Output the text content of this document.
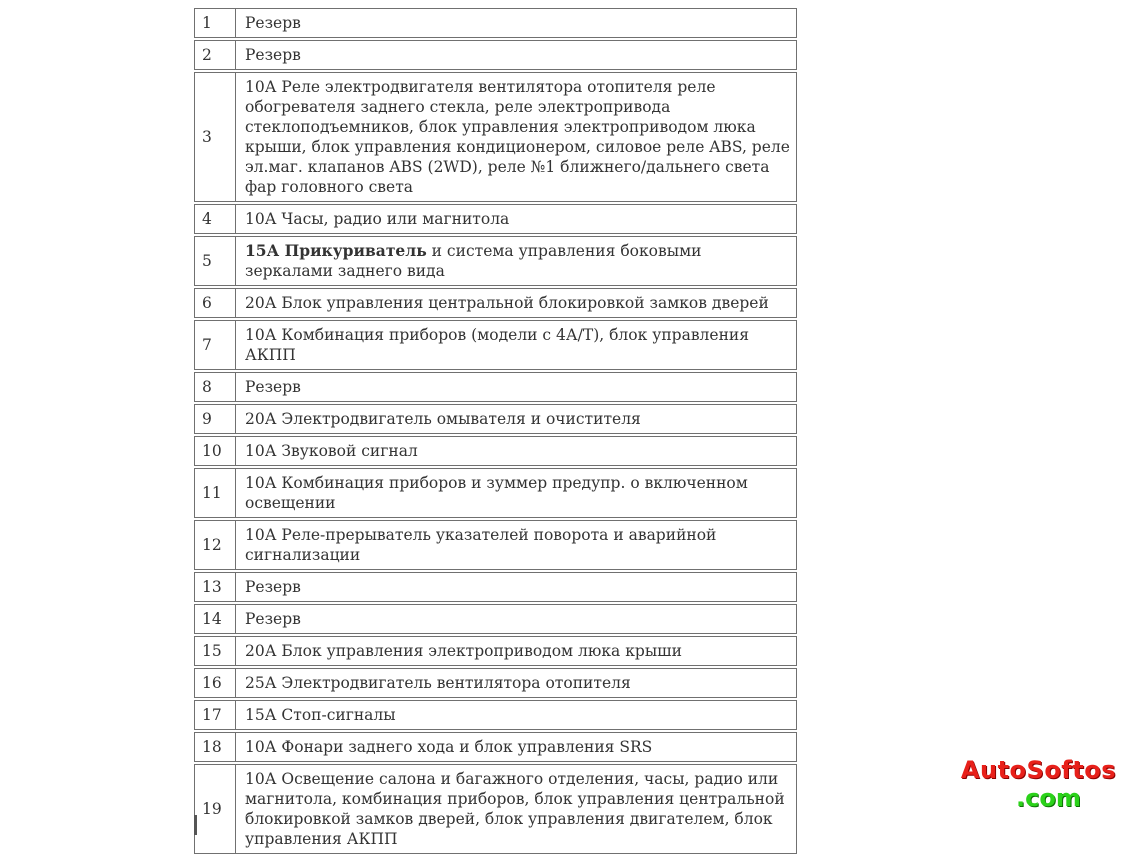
1	Резерв
2	Резерв
3	10А Реле электродвигателя вентилятора отопителя реле обогревателя заднего стекла, реле электропривода стеклоподъемников, блок управления электроприводом люка крыши, блок управления кондиционером, силовое реле ABS, реле эл.маг. клапанов ABS (2WD), реле №1 ближнего/дальнего света фар головного света
4	10А Часы, радио или магнитола
5	15А Прикуриватель и система управления боковыми зеркалами заднего вида
6	20А Блок управления центральной блокировкой замков дверей
7	10А Комбинация приборов (модели с 4А/Т), блок управления АКПП
8	Резерв
9	20А Электродвигатель омывателя и очистителя
10	10А Звуковой сигнал
11	10А Комбинация приборов и зуммер предупр. о включенном освещении
12	10А Реле-прерыватель указателей поворота и аварийной сигнализации
13	Резерв
14	Резерв
15	20А Блок управления электроприводом люка крыши
16	25А Электродвигатель вентилятора отопителя
17	15А Стоп-сигналы
18	10А Фонари заднего хода и блок управления SRS
19	10А Освещение салона и багажного отделения, часы, радио или магнитола, комбинация приборов, блок управления центральной блокировкой замков дверей, блок управления двигателем, блок управления АКПП
AutoSoftos
.com
